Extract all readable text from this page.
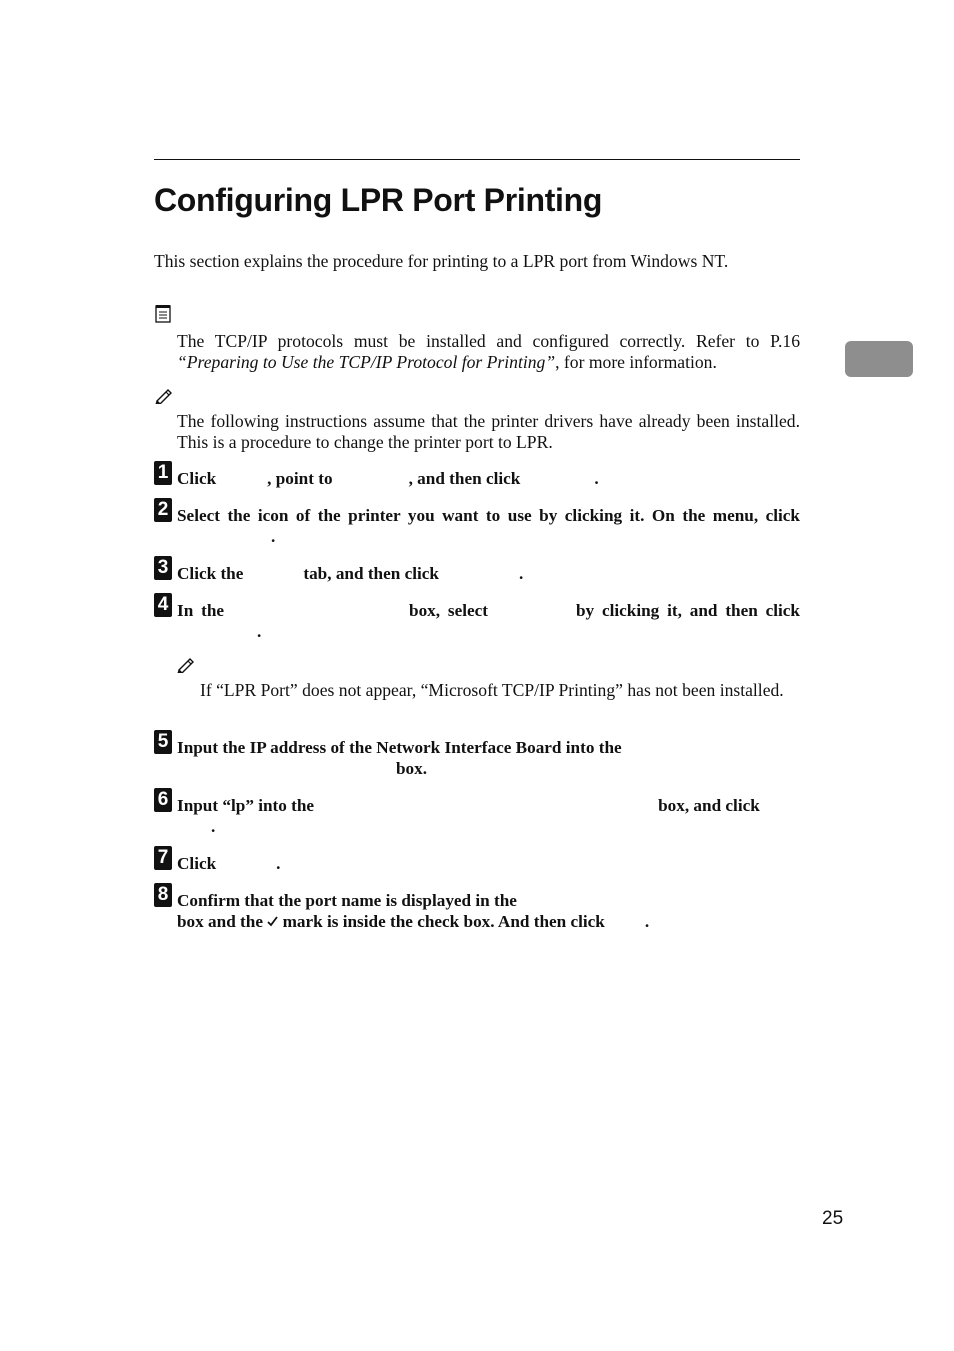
Configuring LPR Port Printing

This section explains the procedure for printing to a LPR port from Windows NT.

The TCP/IP protocols must be installed and configured correctly. Refer to P.16 “Preparing to Use the TCP/IP Protocol for Printing”, for more information.

The following instructions assume that the printer drivers have already been installed. This is a procedure to change the printer port to LPR.

1 Click	, point to	, and then click	.

2 Select the icon of the printer you want to use by clicking it. On the menu, click.

3 Click the	tab, and then click	.

4 In the	box, select	by clicking it, and then click.

If “LPR Port” does not appear, “Microsoft TCP/IP Printing” has not been installed.

5 Input the IP address of the Network Interface Board into the
box.

6 Input “lp” into the	box, and click
.

7 Click	.

8 Confirm that the port name is displayed in the
box and the mark is inside the check box. And then click .

25
